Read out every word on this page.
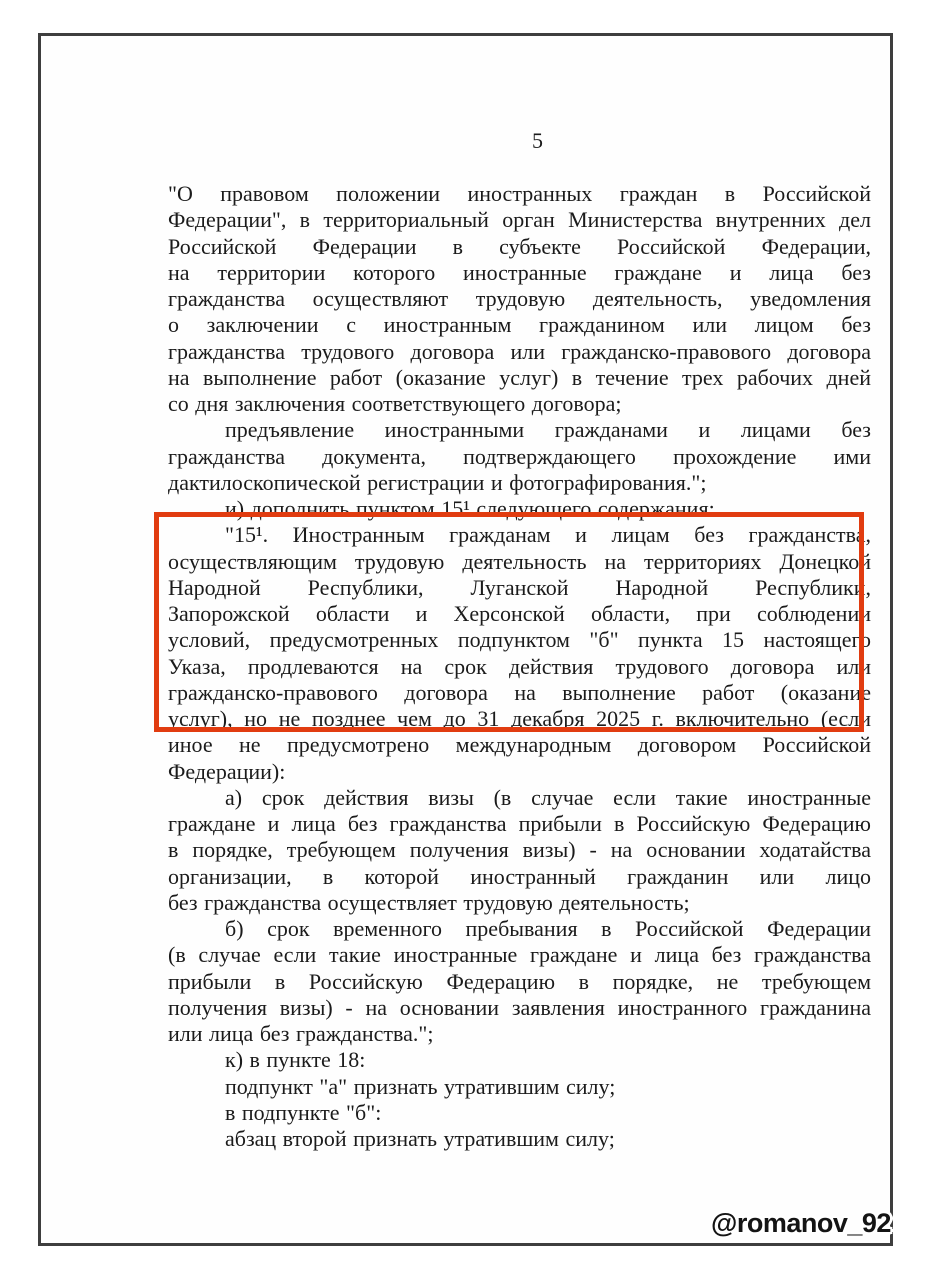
5
"О правовом положении иностранных граждан в Российской
Федерации", в территориальный орган Министерства внутренних дел
Российской Федерации в субъекте Российской Федерации,
на территории которого иностранные граждане и лица без
гражданства осуществляют трудовую деятельность, уведомления
о заключении с иностранным гражданином или лицом без
гражданства трудового договора или гражданско-правового договора
на выполнение работ (оказание услуг) в течение трех рабочих дней
со дня заключения соответствующего договора;
предъявление иностранными гражданами и лицами без
гражданства документа, подтверждающего прохождение ими
дактилоскопической регистрации и фотографирования.";
и) дополнить пунктом 15¹ следующего содержания:
"15¹. Иностранным гражданам и лицам без гражданства,
осуществляющим трудовую деятельность на территориях Донецкой
Народной Республики, Луганской Народной Республики,
Запорожской области и Херсонской области, при соблюдении
условий, предусмотренных подпунктом "б" пункта 15 настоящего
Указа, продлеваются на срок действия трудового договора или
гражданско-правового договора на выполнение работ (оказание
услуг), но не позднее чем до 31 декабря 2025 г. включительно (если
иное не предусмотрено международным договором Российской
Федерации):
а) срок действия визы (в случае если такие иностранные
граждане и лица без гражданства прибыли в Российскую Федерацию
в порядке, требующем получения визы) - на основании ходатайства
организации, в которой иностранный гражданин или лицо
без гражданства осуществляет трудовую деятельность;
б) срок временного пребывания в Российской Федерации
(в случае если такие иностранные граждане и лица без гражданства
прибыли в Российскую Федерацию в порядке, не требующем
получения визы) - на основании заявления иностранного гражданина
или лица без гражданства.";
к) в пункте 18:
подпункт "а" признать утратившим силу;
в подпункте "б":
абзац второй признать утратившим силу;
@romanov_92
